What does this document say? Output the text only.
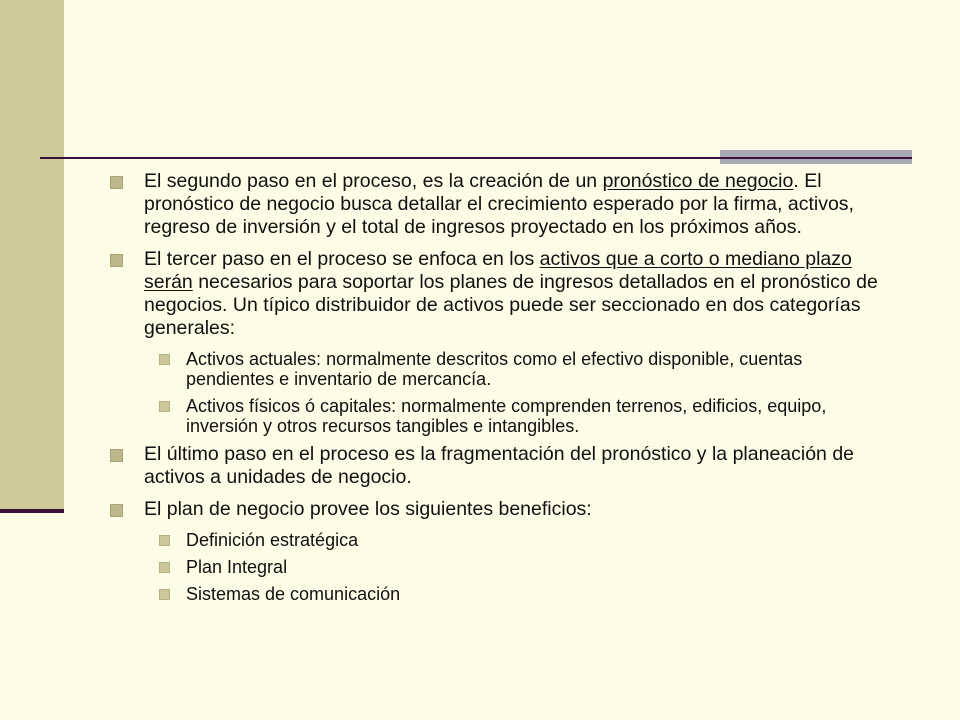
El segundo paso en el proceso, es la creación de un pronóstico de negocio. El pronóstico de negocio busca detallar el crecimiento esperado por la firma, activos, regreso de inversión y el total de ingresos proyectado en los próximos años.
El tercer paso en el proceso se enfoca en los activos que a corto o mediano plazo serán necesarios para soportar los planes de ingresos detallados en el pronóstico de negocios. Un típico distribuidor de activos puede ser seccionado en dos categorías generales:
Activos actuales: normalmente descritos como el efectivo disponible, cuentas pendientes e inventario de mercancía.
Activos físicos ó capitales: normalmente comprenden terrenos, edificios, equipo, inversión y otros recursos tangibles e intangibles.
El último paso en el proceso es la fragmentación del pronóstico y la planeación de activos a unidades de negocio.
El plan de negocio provee los siguientes beneficios:
Definición estratégica
Plan Integral
Sistemas de comunicación
